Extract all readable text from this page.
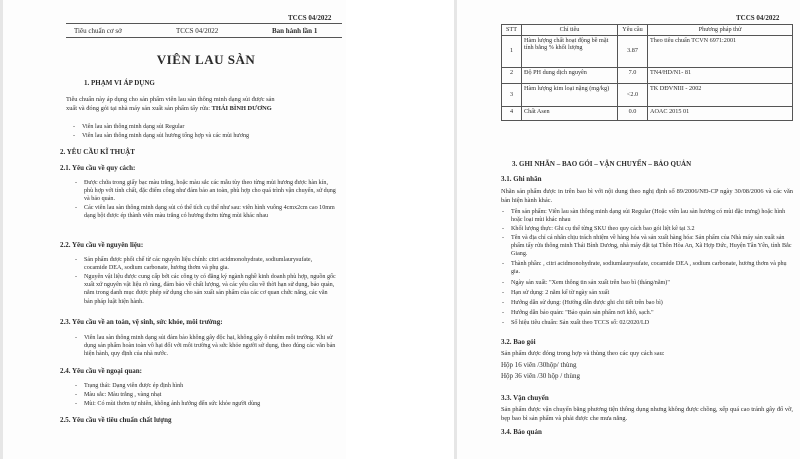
TCCS 04/2022
Tiêu chuẩn cơ sở	TCCS 04/2022	Ban hành lần 1
VIÊN LAU SÀN
1. PHẠM VI ÁP DỤNG
Tiêu chuẩn này áp dụng cho sản phẩm viên lau sàn thông minh dạng sủi được sản
xuất và đóng gói tại nhà máy sản xuất sản phẩm tẩy rửa: THÁI BÌNH DƯƠNG
- Viên lau sàn thông minh dạng sủi Regular
- Viên lau sàn thông minh dạng sủi hương tổng hợp và các mùi hương
2. YÊU CẦU KĨ THUẬT
2.1. Yêu cầu về quy cách:
- Được chứa trong giấy bạc màu trắng, hoặc màu sắc các mẫu tùy theo từng mùi hương được hàn kín, phù hợp với tính chất, đặc điểm công như đảm bảo an toàn, phù hợp cho quá trình vận chuyển, sử dụng và bảo quản.
- Các viên lau sàn thông minh dạng sủi có thể tích cụ thể như sau: viên hình vuông 4cmx2cm cao 10mm dạng bột được ép thành viên màu trắng có hương thơm từng mùi khác nhau
2.2. Yêu cầu về nguyên liệu:
- Sản phẩm được phối chế từ các nguyên liệu chính: citri acidmonohydrate, sodiumlaurysufate, cocamide DEA, sodium carbonate, hương thơm và phụ gia.
- Nguyên vật liệu được cung cấp bởi các công ty có đăng ký ngành nghề kinh doanh phù hợp, nguồn gốc xuất xứ nguyên vật liệu rõ ràng, đảm bảo về chất lượng, và các yêu cầu về thời hạn sử dụng, bảo quản, nằm trong danh mục được phép sử dụng cho sản xuất sản phẩm của các cơ quan chức năng, các văn bản pháp luật hiện hành.
2.3. Yêu cầu về an toàn, vệ sinh, sức khỏe, môi trường:
- Viên lau sàn thông minh dạng sủi đảm bảo không gây độc hại, không gây ô nhiễm môi trường. Khi sử dụng sản phẩm hoàn toàn vô hại đối với môi trường và sức khỏe người sử dụng, theo đúng các văn bản hiện hành, quy định của nhà nước.
2.4. Yêu cầu về ngoại quan:
- Trạng thái: Dạng viên được ép định hình
- Màu sắc: Màu trắng , vàng nhạt
- Mùi: Có mùi thơm tự nhiên, không ảnh hưởng đến sức khỏe người dùng
2.5. Yêu cầu về tiêu chuẩn chất lượng
TCCS 04/2022
STT	Chỉ tiêu	Yêu cầu	Phương pháp thử
1	Hàm lượng chất hoạt động bề mặt tính bằng % khối lượng	3.87	Theo tiêu chuẩn TCVN 6971:2001
2	Độ PH dung dịch nguyên	7.0	TN4/HD/N1- 81
3	Hàm lượng kim loại nặng (mg/kg)	<2.0	TK DĐVNIII - 2002
4	Chất Asen	0.0	AOAC 2015 01
3. GHI NHÃN – BAO GÓI – VẬN CHUYỂN – BẢO QUẢN
3.1. Ghi nhãn
Nhãn sản phẩm được in trên bao bì với nội dung theo nghị định số 89/2006/NĐ-CP ngày 30/08/2006 và các văn bản hiện hành khác.
- Tên sản phẩm: Viên lau sàn thông minh dạng sủi Regular (Hoặc viên lau sàn hương có mùi đặc trưng) hoặc hình hoặc loại mùi khác nhau
- Khối lượng thực: Ghi cụ thể từng SKU theo quy cách bao gói liệt kê tại 3.2
- Tên và địa chỉ cá nhân chịu trách nhiệm về hàng hóa và sản xuất hàng hóa: Sản phẩm của Nhà máy sản xuất sản phẩm tẩy rửa thông minh Thái Bình Dương, nhà máy đặt tại Thôn Hòa An, Xã Hợp Đức, Huyện Tân Yên, tỉnh Bắc Giang.
- Thành phần: , citri acidmonohydrate, sodiumlaurysufate, cocamide DEA , sodium carbonate, hương thơm và phụ gia.
- Ngày sản xuất: "Xem thông tin sản xuất trên bao bì (tháng/năm)"
- Hạn sử dụng: 2 năm kể từ ngày sản xuất
- Hướng dẫn sử dụng: (Hướng dẫn được ghi chi tiết trên bao bì)
- Hướng dẫn bảo quản: "Bảo quản sản phẩm nơi khô, sạch."
- Số hiệu tiêu chuẩn: Sản xuất theo TCCS số: 02/2020/LD
3.2. Bao gói
Sản phẩm được đóng trong hợp và thùng theo các quy cách sau:
Hộp 16 viên /30hộp/ thùng
Hộp 36 viên /30 hộp / thùng
3.3. Vận chuyển
Sản phẩm được vận chuyển bằng phương tiện thông dụng nhưng không được chồng, xếp quá cao tránh gây đổ vỡ, bẹp bao bì sản phẩm và phải được che mưa nắng.
3.4. Bảo quản
